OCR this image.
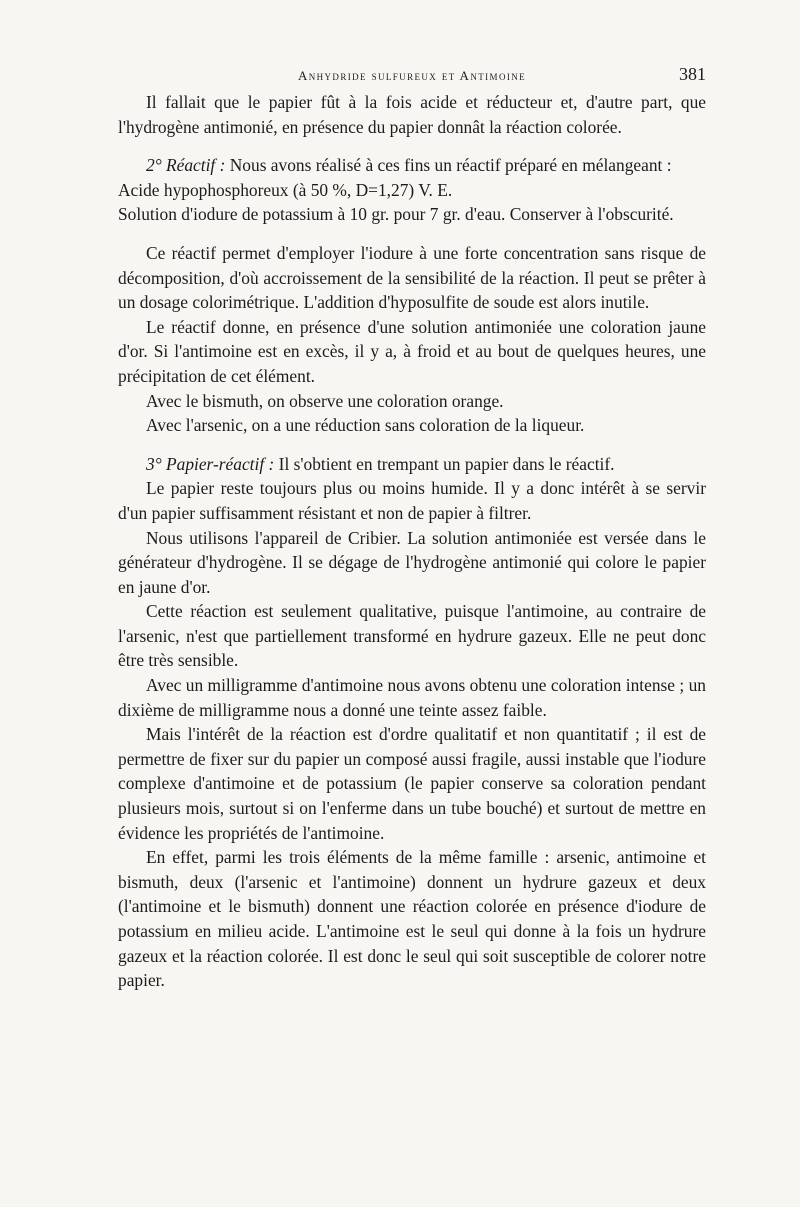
Anhydride sulfureux et Antimoine	381

Il fallait que le papier fût à la fois acide et réducteur et, d'autre part, que l'hydrogène antimonié, en présence du papier donnât la réaction colorée.

2° Réactif : Nous avons réalisé à ces fins un réactif préparé en mélangeant :

Acide hypophosphoreux (à 50 %, D=1,27) V. E.

Solution d'iodure de potassium à 10 gr. pour 7 gr. d'eau. Conserver à l'obscurité.

Ce réactif permet d'employer l'iodure à une forte concentration sans risque de décomposition, d'où accroissement de la sensibilité de la réaction. Il peut se prêter à un dosage colorimétrique. L'addition d'hyposulfite de soude est alors inutile.

Le réactif donne, en présence d'une solution antimoniée une coloration jaune d'or. Si l'antimoine est en excès, il y a, à froid et au bout de quelques heures, une précipitation de cet élément.

Avec le bismuth, on observe une coloration orange.

Avec l'arsenic, on a une réduction sans coloration de la liqueur.

3° Papier-réactif : Il s'obtient en trempant un papier dans le réactif.

Le papier reste toujours plus ou moins humide. Il y a donc intérêt à se servir d'un papier suffisamment résistant et non de papier à filtrer.

Nous utilisons l'appareil de Cribier. La solution antimoniée est versée dans le générateur d'hydrogène. Il se dégage de l'hydrogène antimonié qui colore le papier en jaune d'or.

Cette réaction est seulement qualitative, puisque l'antimoine, au contraire de l'arsenic, n'est que partiellement transformé en hydrure gazeux. Elle ne peut donc être très sensible.

Avec un milligramme d'antimoine nous avons obtenu une coloration intense ; un dixième de milligramme nous a donné une teinte assez faible.

Mais l'intérêt de la réaction est d'ordre qualitatif et non quantitatif ; il est de permettre de fixer sur du papier un composé aussi fragile, aussi instable que l'iodure complexe d'antimoine et de potassium (le papier conserve sa coloration pendant plusieurs mois, surtout si on l'enferme dans un tube bouché) et surtout de mettre en évidence les propriétés de l'antimoine.

En effet, parmi les trois éléments de la même famille : arsenic, antimoine et bismuth, deux (l'arsenic et l'antimoine) donnent un hydrure gazeux et deux (l'antimoine et le bismuth) donnent une réaction colorée en présence d'iodure de potassium en milieu acide. L'antimoine est le seul qui donne à la fois un hydrure gazeux et la réaction colorée. Il est donc le seul qui soit susceptible de colorer notre papier.
